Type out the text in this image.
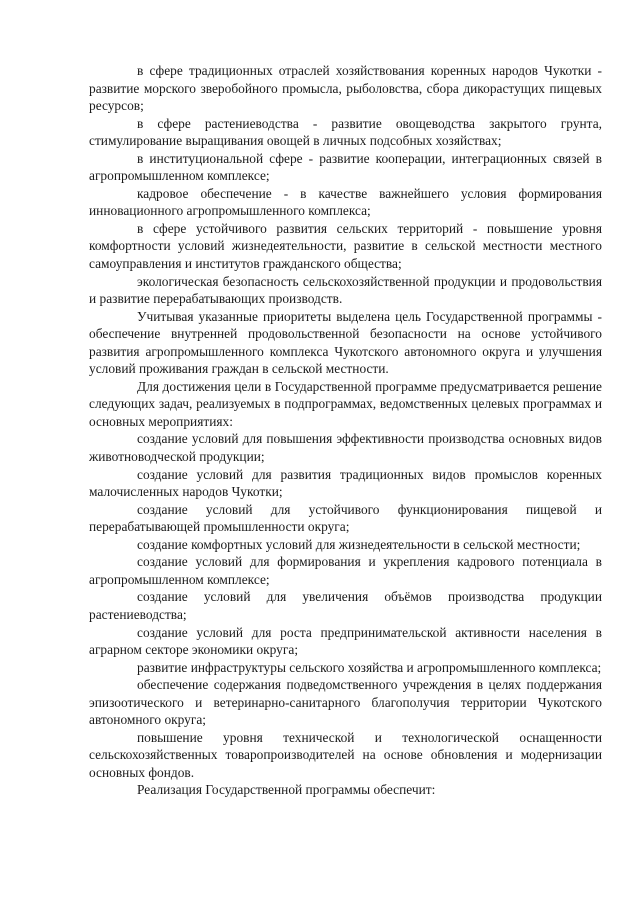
в сфере традиционных отраслей хозяйствования коренных народов Чукотки - развитие морского зверобойного промысла, рыболовства, сбора дикорастущих пищевых ресурсов;

в сфере растениеводства - развитие овощеводства закрытого грунта, стимулирование выращивания овощей в личных подсобных хозяйствах;

в институциональной сфере - развитие кооперации, интеграционных связей в агропромышленном комплексе;

кадровое обеспечение - в качестве важнейшего условия формирования инновационного агропромышленного комплекса;

в сфере устойчивого развития сельских территорий - повышение уровня комфортности условий жизнедеятельности, развитие в сельской местности местного самоуправления и институтов гражданского общества;

экологическая безопасность сельскохозяйственной продукции и продовольствия и развитие перерабатывающих производств.

Учитывая указанные приоритеты выделена цель Государственной программы - обеспечение внутренней продовольственной безопасности на основе устойчивого развития агропромышленного комплекса Чукотского автономного округа и улучшения условий проживания граждан в сельской местности.

Для достижения цели в Государственной программе предусматривается решение следующих задач, реализуемых в подпрограммах, ведомственных целевых программах и основных мероприятиях:

создание условий для повышения эффективности производства основных видов животноводческой продукции;

создание условий для развития традиционных видов промыслов коренных малочисленных народов Чукотки;

создание условий для устойчивого функционирования пищевой и перерабатывающей промышленности округа;

создание комфортных условий для жизнедеятельности в сельской местности;

создание условий для формирования и укрепления кадрового потенциала в агропромышленном комплексе;

создание условий для увеличения объёмов производства продукции растениеводства;

создание условий для роста предпринимательской активности населения в аграрном секторе экономики округа;

развитие инфраструктуры сельского хозяйства и агропромышленного комплекса;

обеспечение содержания подведомственного учреждения в целях поддержания эпизоотического и ветеринарно-санитарного благополучия территории Чукотского автономного округа;

повышение уровня технической и технологической оснащенности сельскохозяйственных товаропроизводителей на основе обновления и модернизации основных фондов.

Реализация Государственной программы обеспечит:
